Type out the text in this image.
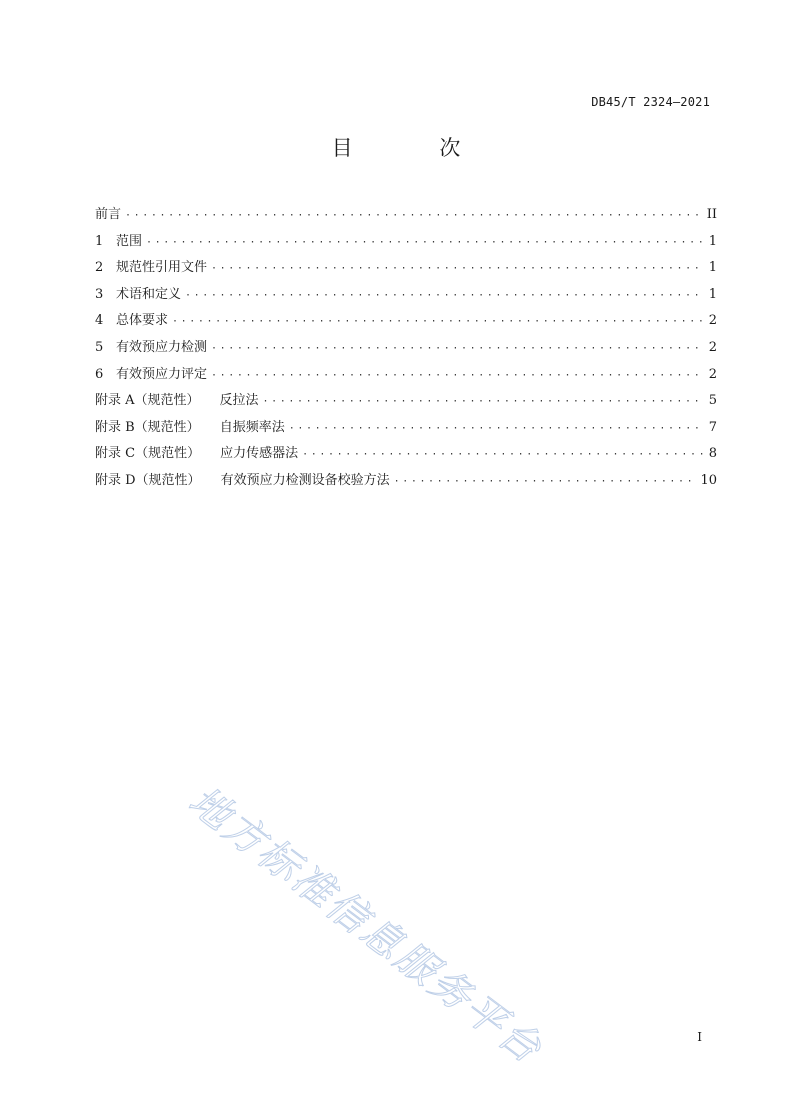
DB45/T 2324—2021
目 次
前言 ·····	II
1 范围 ·····	1
2 规范性引用文件 ·····	1
3 术语和定义 ·····	1
4 总体要求 ·····	2
5 有效预应力检测 ·····	2
6 有效预应力评定 ·····	2
附录 A（规范性） 反拉法 ·····	5
附录 B（规范性） 自振频率法 ·····	7
附录 C（规范性） 应力传感器法 ·····	8
附录 D（规范性） 有效预应力检测设备校验方法 ·····	10
地方标准信息服务平台	I
